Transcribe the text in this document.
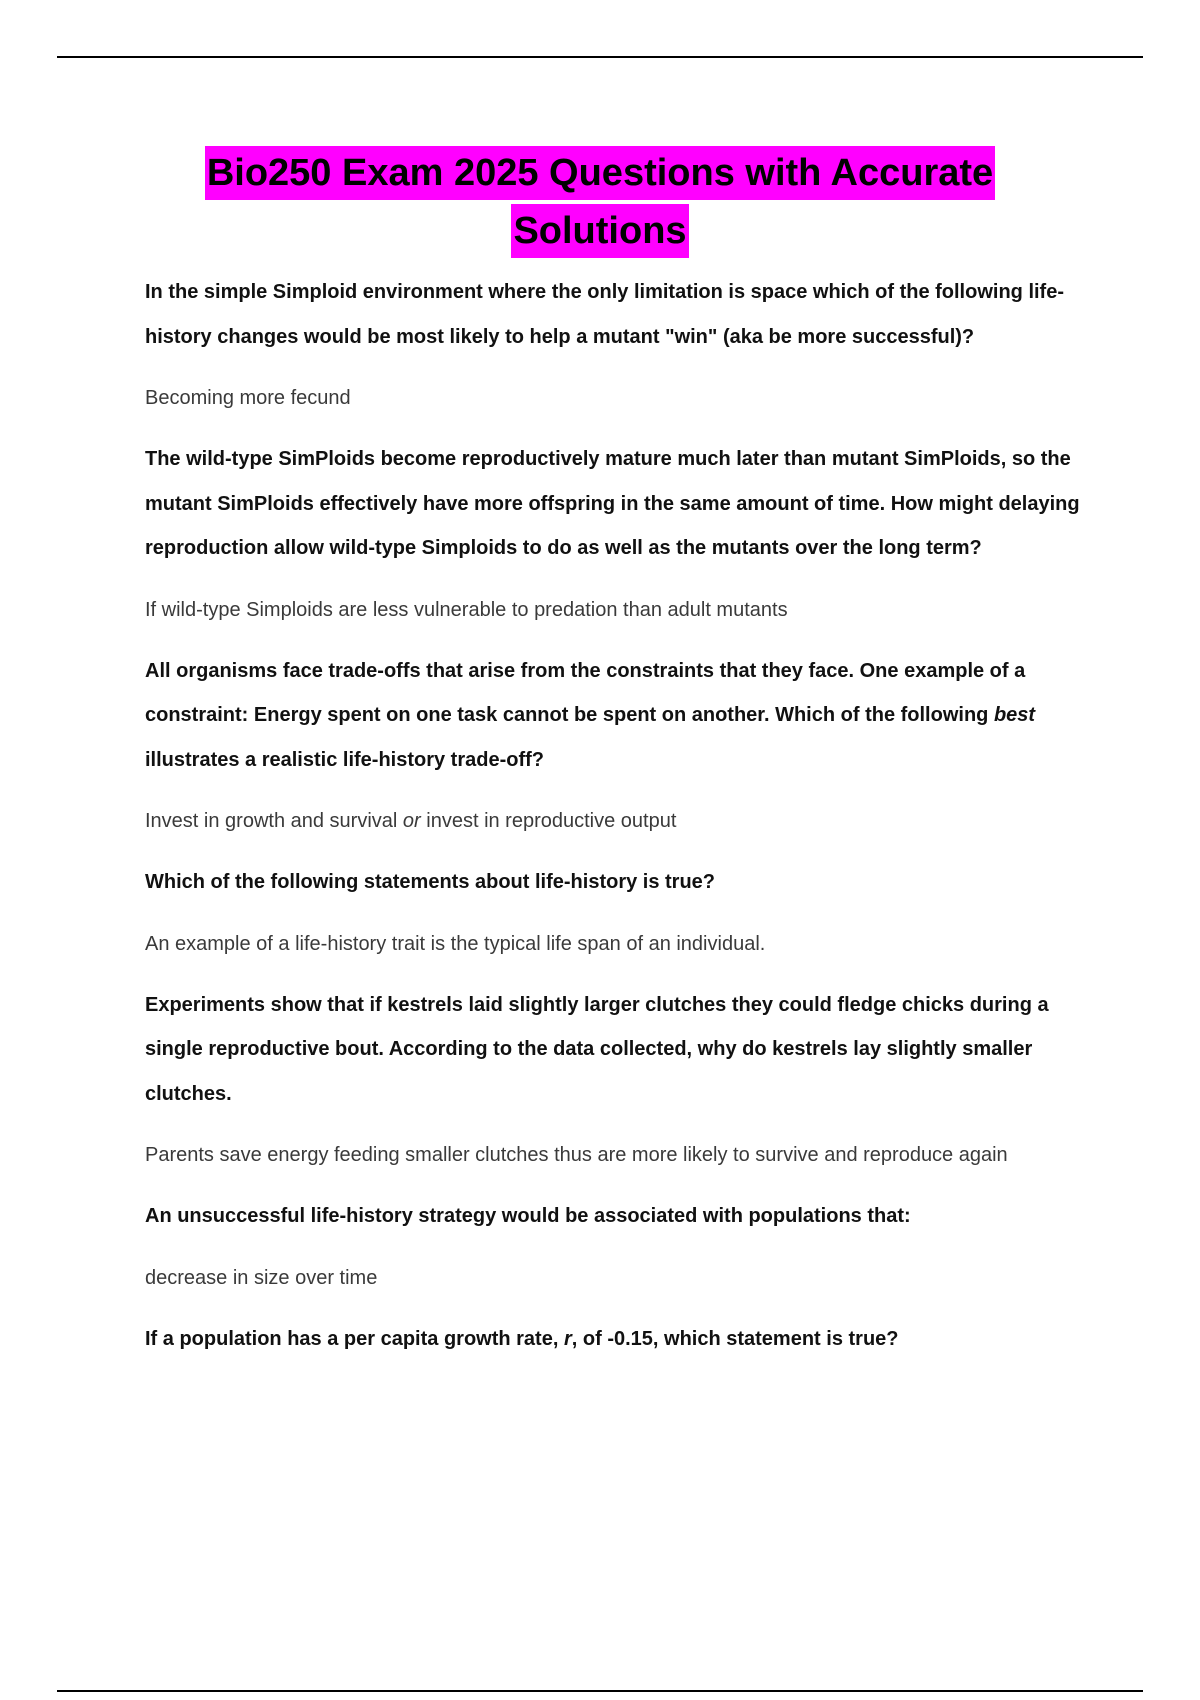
Bio250 Exam 2025 Questions with Accurate
Solutions

In the simple Simploid environment where the only limitation is space which of the following life-history changes would be most likely to help a mutant "win" (aka be more successful)?

Becoming more fecund

The wild-type SimPloids become reproductively mature much later than mutant SimPloids, so the mutant SimPloids effectively have more offspring in the same amount of time. How might delaying reproduction allow wild-type Simploids to do as well as the mutants over the long term?

If wild-type Simploids are less vulnerable to predation than adult mutants

All organisms face trade-offs that arise from the constraints that they face. One example of a constraint: Energy spent on one task cannot be spent on another. Which of the following best illustrates a realistic life-history trade-off?

Invest in growth and survival or invest in reproductive output

Which of the following statements about life-history is true?

An example of a life-history trait is the typical life span of an individual.

Experiments show that if kestrels laid slightly larger clutches they could fledge chicks during a single reproductive bout. According to the data collected, why do kestrels lay slightly smaller clutches.

Parents save energy feeding smaller clutches thus are more likely to survive and reproduce again

An unsuccessful life-history strategy would be associated with populations that:

decrease in size over time

If a population has a per capita growth rate, r, of -0.15, which statement is true?
